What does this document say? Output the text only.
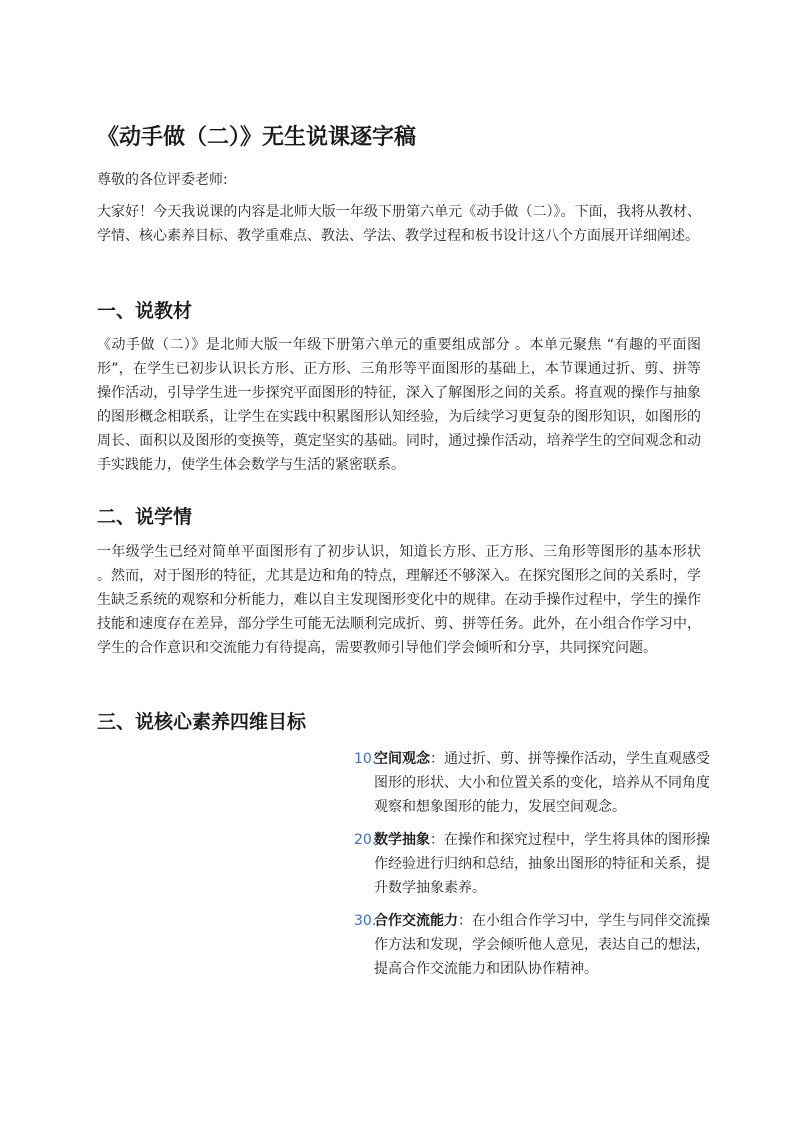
《动手做（二）》无生说课逐字稿

尊敬的各位评委老师:

大家好！今天我说课的内容是北师大版一年级下册第六单元《动手做（二）》。下面，我将从教材、学情、核心素养目标、教学重难点、教法、学法、教学过程和板书设计这八个方面展开详细阐述。

一、说教材

《动手做（二）》是北师大版一年级下册第六单元的重要组成部分 。本单元聚焦 “有趣的平面图形”，在学生已初步认识长方形、正方形、三角形等平面图形的基础上，本节课通过折、剪、拼等操作活动，引导学生进一步探究平面图形的特征，深入了解图形之间的关系。将直观的操作与抽象的图形概念相联系，让学生在实践中积累图形认知经验，为后续学习更复杂的图形知识，如图形的周长、面积以及图形的变换等，奠定坚实的基础。同时，通过操作活动，培养学生的空间观念和动手实践能力，使学生体会数学与生活的紧密联系。

二、说学情

一年级学生已经对简单平面图形有了初步认识，知道长方形、正方形、三角形等图形的基本形状 。然而，对于图形的特征，尤其是边和角的特点，理解还不够深入。在探究图形之间的关系时，学生缺乏系统的观察和分析能力，难以自主发现图形变化中的规律。在动手操作过程中，学生的操作技能和速度存在差异，部分学生可能无法顺利完成折、剪、拼等任务。此外，在小组合作学习中，学生的合作意识和交流能力有待提高，需要教师引导他们学会倾听和分享，共同探究问题。

三、说核心素养四维目标
10.
空间观念：通过折、剪、拼等操作活动，学生直观感受图形的形状、大小和位置关系的变化，培养从不同角度观察和想象图形的能力，发展空间观念。
20.
数学抽象：在操作和探究过程中，学生将具体的图形操作经验进行归纳和总结，抽象出图形的特征和关系，提升数学抽象素养。
30.
合作交流能力：在小组合作学习中，学生与同伴交流操作方法和发现，学会倾听他人意见，表达自己的想法，提高合作交流能力和团队协作精神。
